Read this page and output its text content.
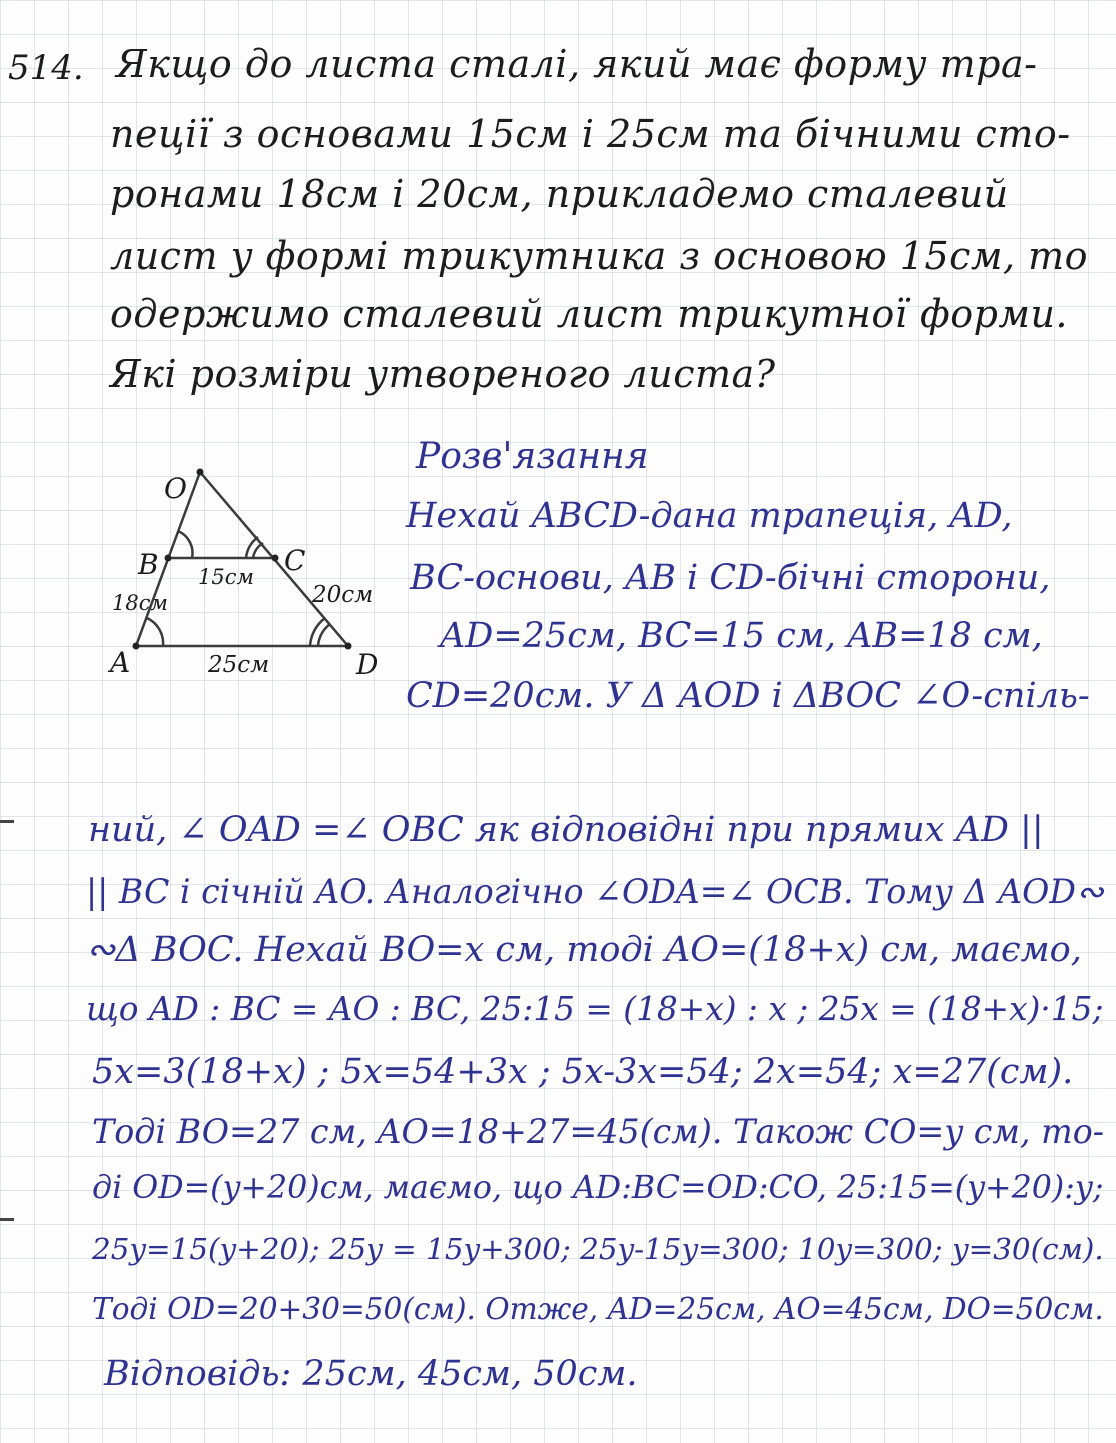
514. Якщо до листа сталі, який має форму тра-
пеції з основами 15см і 25см та бічними сто-
ронами 18см і 20см, прикладемо сталевий
лист у формі трикутника з основою 15см, то
одержимо сталевий лист трикутної форми.
Які розміри утвореного листа?
O
B	C
A	D
15см
18см	20см
25см
Розв'язання
Нехай ABCD-дана трапеція, AD,
BC-основи, AB і CD-бічні сторони,
AD=25см, BC=15 см, AB=18 см,
CD=20см. У Δ AOD і ΔBOC ∠O-спіль-
ний, ∠ OAD =∠ OBC як відповідні при прямих AD ||
|| BC і січній AO. Аналогічно ∠ODA=∠ OCB. Тому Δ AOD∾
∾Δ BOC. Нехай BO=x см, тоді AO=(18+x) см, маємо,
що AD : BC = AO : BC, 25:15 = (18+x) : x ; 25x = (18+x)·15;
5x=3(18+x) ; 5x=54+3x ; 5x-3x=54; 2x=54; x=27(см).
Тоді BO=27 см, AO=18+27=45(см). Також CO=y см, то-
ді OD=(y+20)см, маємо, що AD:BC=OD:CO, 25:15=(y+20):y;
25y=15(y+20); 25y = 15y+300; 25y-15y=300; 10y=300; y=30(см).
Тоді OD=20+30=50(см). Отже, AD=25см, AO=45см, DO=50см.
Відповідь: 25см, 45см, 50см.
